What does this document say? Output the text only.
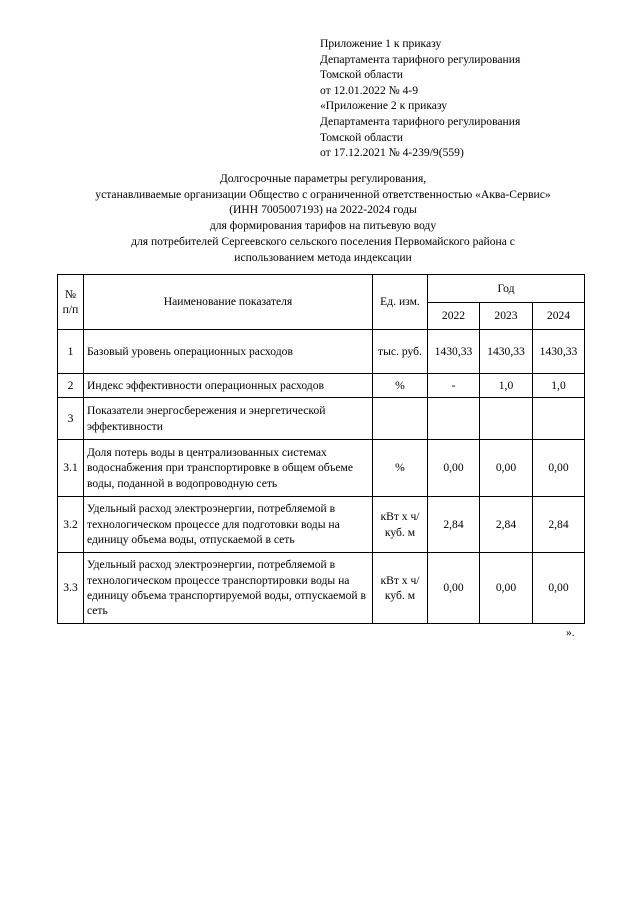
Приложение 1 к приказу
Департамента тарифного регулирования
Томской области
от 12.01.2022 № 4-9
«Приложение 2 к приказу
Департамента тарифного регулирования
Томской области
от 17.12.2021 № 4-239/9(559)
Долгосрочные параметры регулирования,
устанавливаемые организации Общество с ограниченной ответственностью «Аква-Сервис»
(ИНН 7005007193) на 2022-2024 годы
для формирования тарифов на питьевую воду
для потребителей Сергеевского сельского поселения Первомайского района с
использованием метода индексации
№ п/п	Наименование показателя	Ед. изм.	Год		
			2022	2023	2024
1	Базовый уровень операционных расходов	тыс. руб.	1430,33	1430,33	1430,33
2	Индекс эффективности операционных расходов	%	-	1,0	1,0
3	Показатели энергосбережения и энергетической эффективности				
3.1	Доля потерь воды в централизованных системах водоснабжения при транспортировке в общем объеме воды, поданной в водопроводную сеть	%	0,00	0,00	0,00
3.2	Удельный расход электроэнергии, потребляемой в технологическом процессе для подготовки воды на единицу объема воды, отпускаемой в сеть	кВт x ч/куб. м	2,84	2,84	2,84
3.3	Удельный расход электроэнергии, потребляемой в технологическом процессе транспортировки воды на единицу объема транспортируемой воды, отпускаемой в сеть	кВт x ч/куб. м	0,00	0,00	0,00
».
